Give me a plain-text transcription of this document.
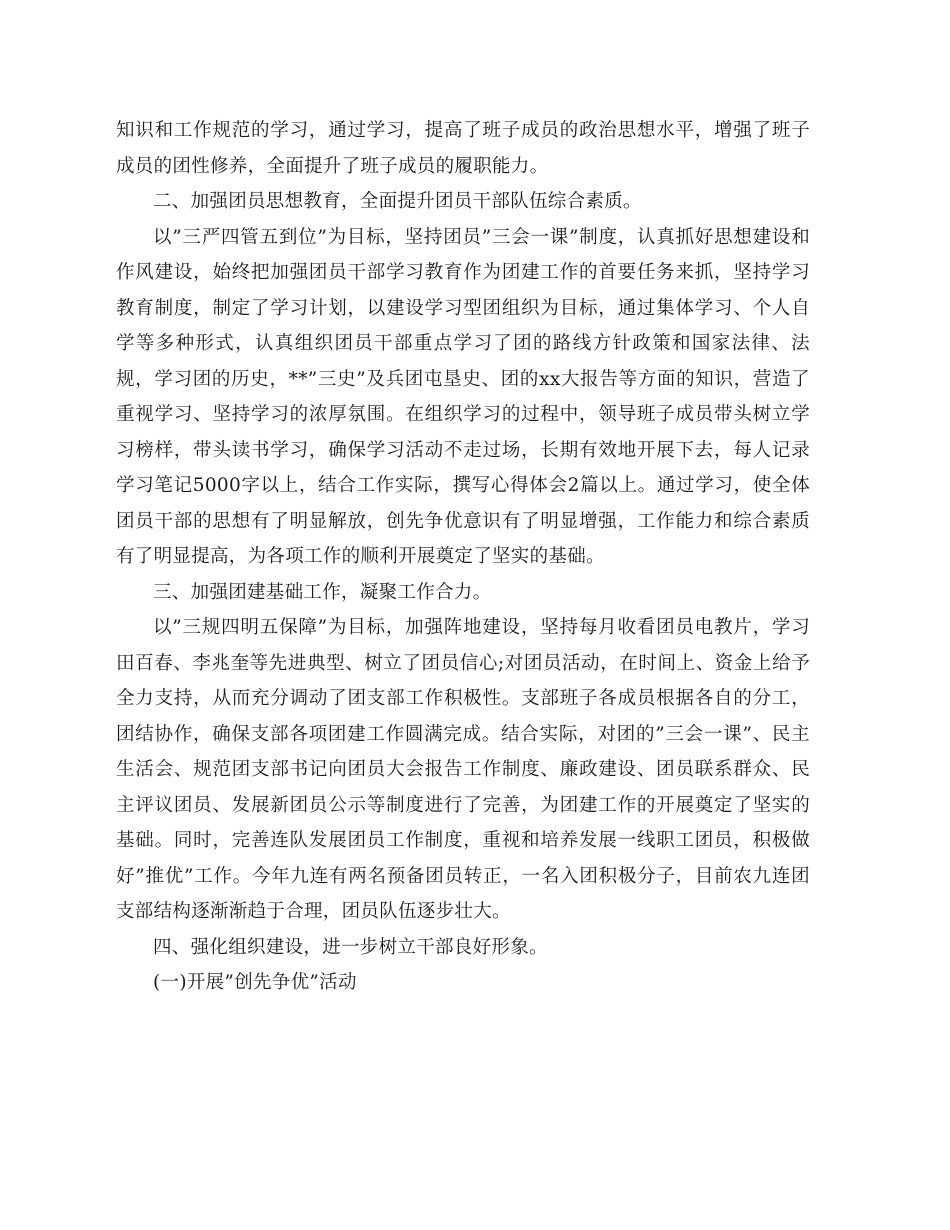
知识和工作规范的学习，通过学习，提高了班子成员的政治思想水平，增强了班子成员的团性修养，全面提升了班子成员的履职能力。

二、加强团员思想教育，全面提升团员干部队伍综合素质。

以”三严四管五到位”为目标，坚持团员”三会一课”制度，认真抓好思想建设和作风建设，始终把加强团员干部学习教育作为团建工作的首要任务来抓，坚持学习教育制度，制定了学习计划，以建设学习型团组织为目标，通过集体学习、个人自学等多种形式，认真组织团员干部重点学习了团的路线方针政策和国家法律、法规，学习团的历史，**”三史”及兵团屯垦史、团的xx大报告等方面的知识，营造了重视学习、坚持学习的浓厚氛围。在组织学习的过程中，领导班子成员带头树立学习榜样，带头读书学习，确保学习活动不走过场，长期有效地开展下去，每人记录学习笔记5000字以上，结合工作实际，撰写心得体会2篇以上。通过学习，使全体团员干部的思想有了明显解放，创先争优意识有了明显增强，工作能力和综合素质有了明显提高，为各项工作的顺利开展奠定了坚实的基础。

三、加强团建基础工作，凝聚工作合力。

以”三规四明五保障”为目标，加强阵地建设，坚持每月收看团员电教片，学习田百春、李兆奎等先进典型、树立了团员信心;对团员活动，在时间上、资金上给予全力支持，从而充分调动了团支部工作积极性。支部班子各成员根据各自的分工，团结协作，确保支部各项团建工作圆满完成。结合实际，对团的”三会一课”、民主生活会、规范团支部书记向团员大会报告工作制度、廉政建设、团员联系群众、民主评议团员、发展新团员公示等制度进行了完善，为团建工作的开展奠定了坚实的基础。同时，完善连队发展团员工作制度，重视和培养发展一线职工团员，积极做好”推优”工作。今年九连有两名预备团员转正，一名入团积极分子，目前农九连团支部结构逐渐渐趋于合理，团员队伍逐步壮大。

四、强化组织建设，进一步树立干部良好形象。

(一)开展”创先争优”活动
